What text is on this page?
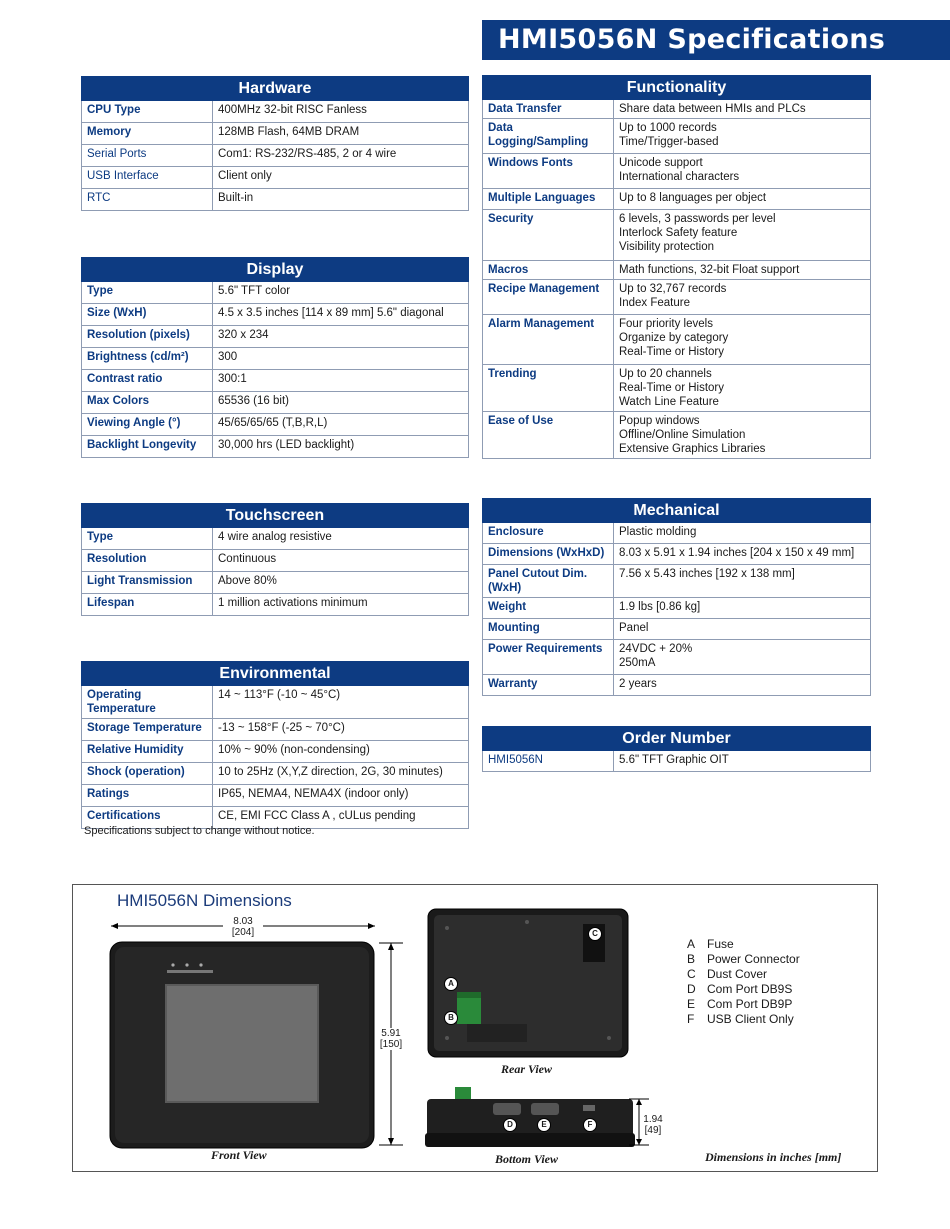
HMI5056N Specifications
Hardware	
CPU Type	400MHz 32-bit RISC Fanless
Memory	128MB Flash, 64MB DRAM
Serial Ports	Com1: RS-232/RS-485, 2 or 4 wire
USB Interface	Client only
RTC	Built-in
Display	
Type	5.6" TFT color
Size (WxH)	4.5 x 3.5 inches [114 x 89 mm] 5.6" diagonal
Resolution (pixels)	320 x 234
Brightness (cd/m²)	300
Contrast ratio	300:1
Max Colors	65536 (16 bit)
Viewing Angle (°)	45/65/65/65 (T,B,R,L)
Backlight Longevity	30,000 hrs (LED backlight)
Touchscreen	
Type	4 wire analog resistive
Resolution	Continuous
Light Transmission	Above 80%
Lifespan	1 million activations minimum
Environmental	
Operating Temperature	14 ~ 113°F (-10 ~ 45°C)
Storage Temperature	-13 ~ 158°F (-25 ~ 70°C)
Relative Humidity	10% ~ 90% (non-condensing)
Shock (operation)	10 to 25Hz (X,Y,Z direction, 2G, 30 minutes)
Ratings	IP65, NEMA4, NEMA4X (indoor only)
Certifications	CE, EMI FCC Class A , cULus pending
Functionality	
Data Transfer	Share data between HMIs and PLCs

Data Logging/Sampling	Up to 1000 records
Time/Trigger-based

Windows Fonts	Unicode support
International characters

Multiple Languages	Up to 8 languages per object

Security	6 levels, 3 passwords per level
Interlock Safety feature
Visibility protection

Macros	Math functions, 32-bit Float support

Recipe Management	Up to 32,767 records
Index Feature

Alarm Management	Four priority levels
Organize by category
Real-Time or History

Trending	Up to 20 channels
Real-Time or History
Watch Line Feature

Ease of Use	Popup windows
Offline/Online Simulation
Extensive Graphics Libraries
Mechanical	
Enclosure	Plastic molding

Dimensions (WxHxD)	8.03 x 5.91 x 1.94 inches [204 x 150 x 49 mm]

Panel Cutout Dim. (WxH)	7.56 x 5.43 inches [192 x 138 mm]

Weight	1.9 lbs [0.86 kg]

Mounting	Panel

Power Requirements	24VDC + 20%
250mA

Warranty	2 years
Order Number
HMI5056N	5.6" TFT Graphic OIT
Specifications subject to change without notice.
HMI5056N Dimensions
8.03
[204]
5.91
[150]
Front View
C
A
B
Rear View
D	E	F	1.94
[49]
Bottom View
A Fuse
B Power Connector
C Dust Cover
D Com Port DB9S
E Com Port DB9P
F	USB Client Only
Dimensions in inches [mm]
